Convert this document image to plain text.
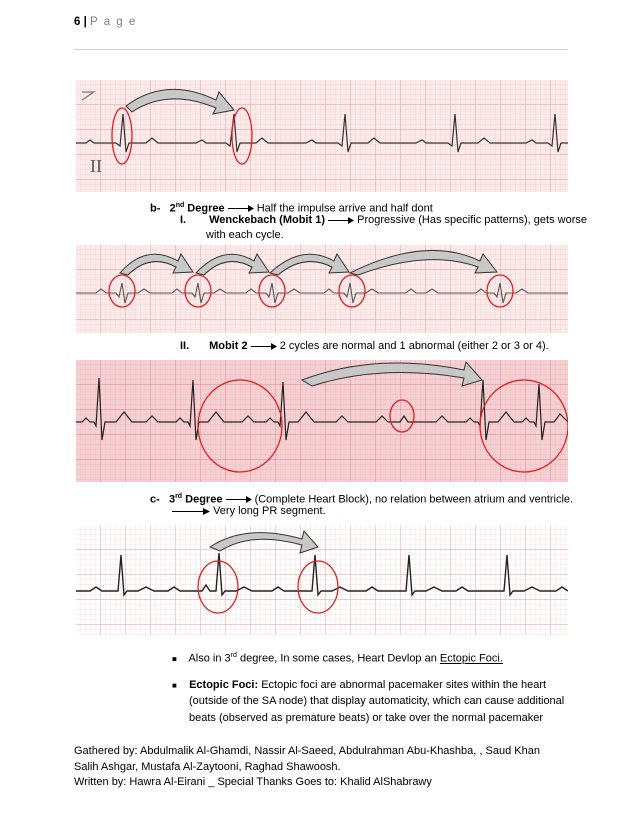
6 | P a g e
II
b- 2nd Degree	Half the impulse arrive and half dont
I. Wenckebach (Mobit 1)	Progressive (Has specific patterns), gets worse
with each cycle.
II. Mobit 2	2 cycles are normal and 1 abnormal (either 2 or 3 or 4).
c- 3rd Degree	(Complete Heart Block), no relation between atrium and ventricle.
Very long PR segment.
■ Also in 3rd degree, In some cases, Heart Devlop an Ectopic Foci.
■ Ectopic Foci: Ectopic foci are abnormal pacemaker sites within the heart
(outside of the SA node) that display automaticity, which can cause additional
beats (observed as premature beats) or take over the normal pacemaker
Gathered by: Abdulmalik Al-Ghamdi, Nassir Al-Saeed, Abdulrahman Abu-Khashba, , Saud Khan
Salih Ashgar, Mustafa Al-Zaytooni, Raghad Shawoosh.
Written by: Hawra Al-Eirani _ Special Thanks Goes to: Khalid AlShabrawy
